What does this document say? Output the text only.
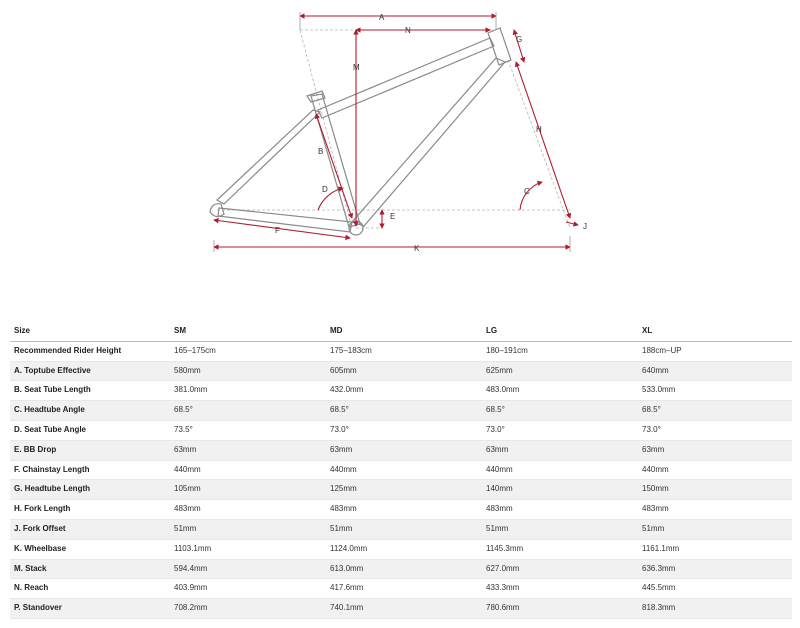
A
N
G
M
H
B
D	C
E
J
F
K
Size	SM	MD	LG	XL
Recommended Rider Height	165–175cm	175–183cm	180–191cm	188cm–UP
A. Toptube Effective	580mm	605mm	625mm	640mm
B. Seat Tube Length	381.0mm	432.0mm	483.0mm	533.0mm
C. Headtube Angle	68.5°	68.5°	68.5°	68.5°
D. Seat Tube Angle	73.5°	73.0°	73.0°	73.0°
E. BB Drop	63mm	63mm	63mm	63mm
F. Chainstay Length	440mm	440mm	440mm	440mm
G. Headtube Length	105mm	125mm	140mm	150mm
H. Fork Length	483mm	483mm	483mm	483mm
J. Fork Offset	51mm	51mm	51mm	51mm
K. Wheelbase	1103.1mm	1124.0mm	1145.3mm	1161.1mm
M. Stack	594.4mm	613.0mm	627.0mm	636.3mm
N. Reach	403.9mm	417.6mm	433.3mm	445.5mm
P. Standover	708.2mm	740.1mm	780.6mm	818.3mm
